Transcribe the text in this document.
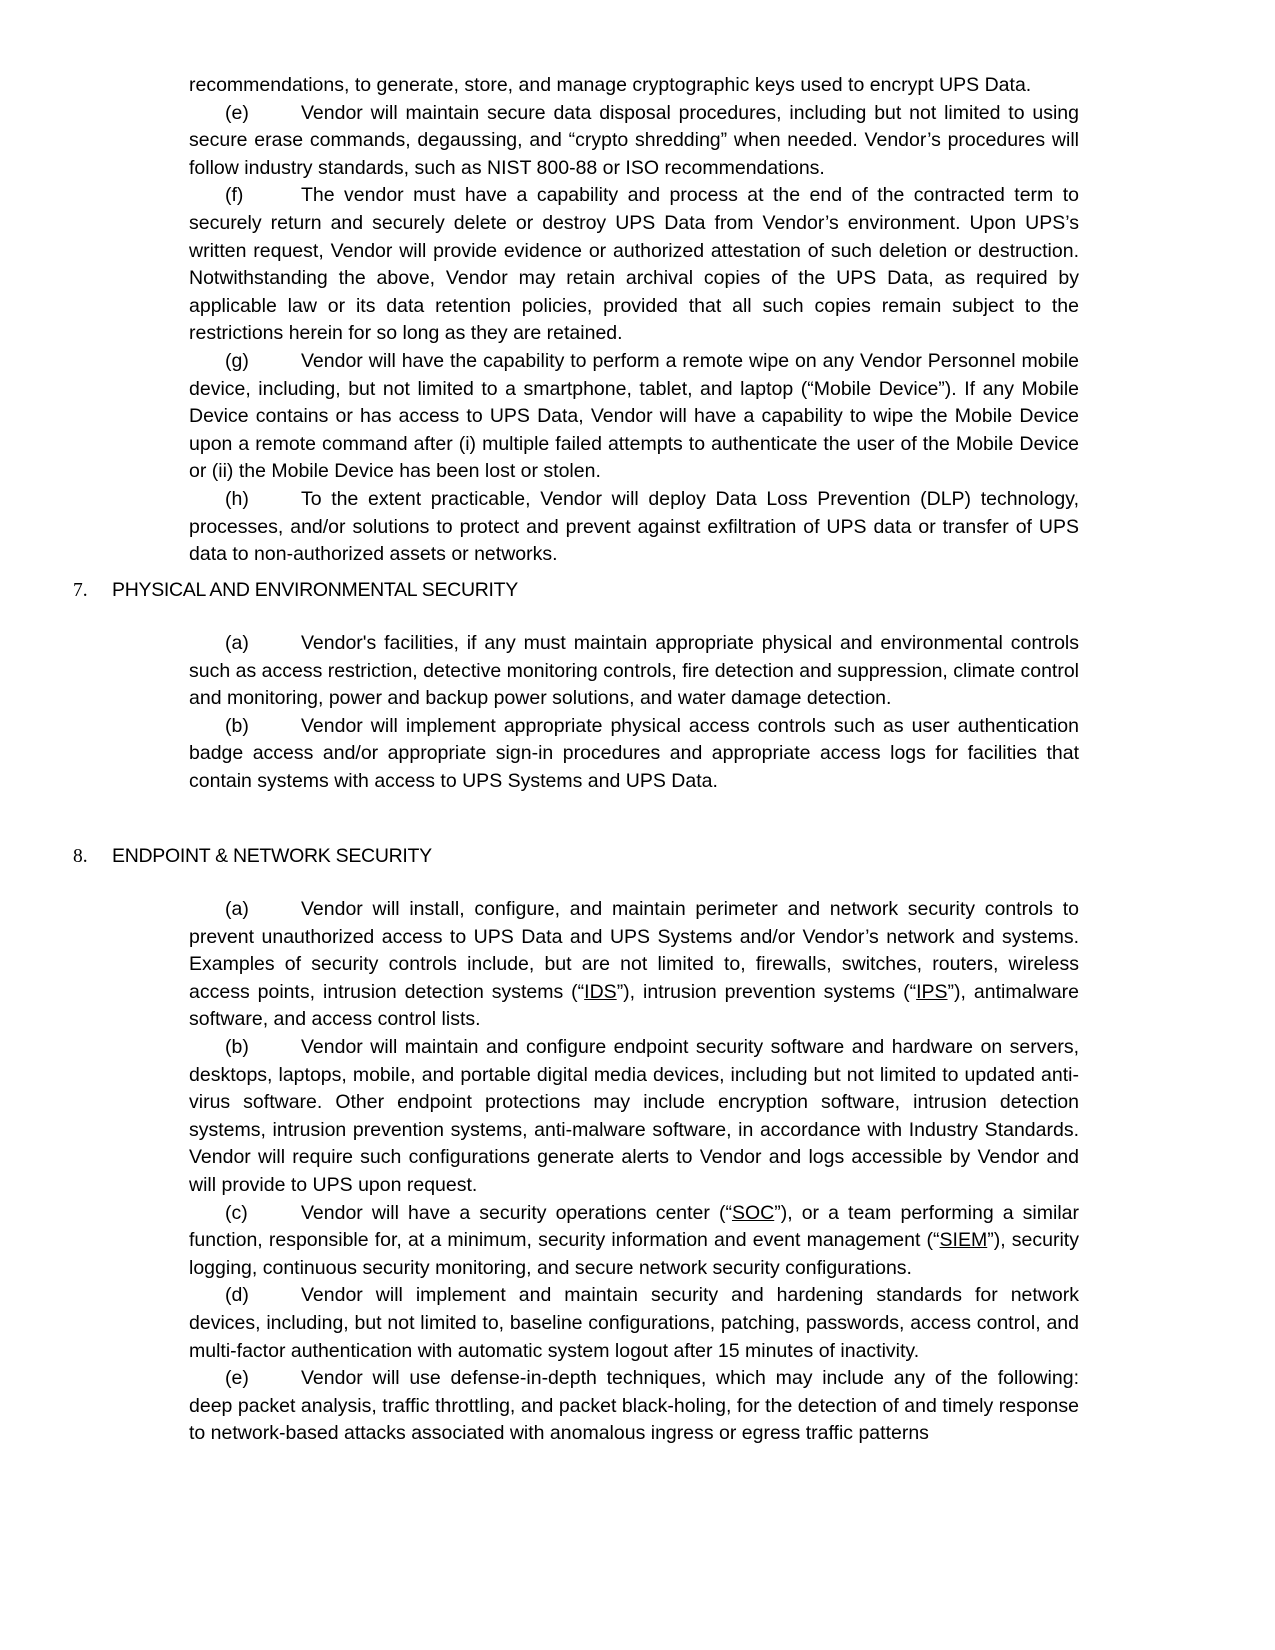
recommendations, to generate, store, and manage cryptographic keys used to encrypt UPS Data.
(e)	Vendor will maintain secure data disposal procedures, including but not limited to using secure erase commands, degaussing, and “crypto shredding” when needed. Vendor’s procedures will follow industry standards, such as NIST 800-88 or ISO recommendations.
(f)	The vendor must have a capability and process at the end of the contracted term to securely return and securely delete or destroy UPS Data from Vendor’s environment. Upon UPS’s written request, Vendor will provide evidence or authorized attestation of such deletion or destruction. Notwithstanding the above, Vendor may retain archival copies of the UPS Data, as required by applicable law or its data retention policies, provided that all such copies remain subject to the restrictions herein for so long as they are retained.
(g)	Vendor will have the capability to perform a remote wipe on any Vendor Personnel mobile device, including, but not limited to a smartphone, tablet, and laptop (“Mobile Device”). If any Mobile Device contains or has access to UPS Data, Vendor will have a capability to wipe the Mobile Device upon a remote command after (i) multiple failed attempts to authenticate the user of the Mobile Device or (ii) the Mobile Device has been lost or stolen.
(h)	To the extent practicable, Vendor will deploy Data Loss Prevention (DLP) technology, processes, and/or solutions to protect and prevent against exfiltration of UPS data or transfer of UPS data to non-authorized assets or networks.
7. PHYSICAL AND ENVIRONMENTAL SECURITY
(a)	Vendor's facilities, if any must maintain appropriate physical and environmental controls such as access restriction, detective monitoring controls, fire detection and suppression, climate control and monitoring, power and backup power solutions, and water damage detection.
(b)	Vendor will implement appropriate physical access controls such as user authentication badge access and/or appropriate sign-in procedures and appropriate access logs for facilities that contain systems with access to UPS Systems and UPS Data.
8. ENDPOINT & NETWORK SECURITY
(a)	Vendor will install, configure, and maintain perimeter and network security controls to prevent unauthorized access to UPS Data and UPS Systems and/or Vendor’s network and systems. Examples of security controls include, but are not limited to, firewalls, switches, routers, wireless access points, intrusion detection systems (“IDS”), intrusion prevention systems (“IPS”), antimalware software, and access control lists.
(b)	Vendor will maintain and configure endpoint security software and hardware on servers, desktops, laptops, mobile, and portable digital media devices, including but not limited to updated anti-virus software. Other endpoint protections may include encryption software, intrusion detection systems, intrusion prevention systems, anti-malware software, in accordance with Industry Standards. Vendor will require such configurations generate alerts to Vendor and logs accessible by Vendor and will provide to UPS upon request.
(c)	Vendor will have a security operations center (“SOC”), or a team performing a similar function, responsible for, at a minimum, security information and event management (“SIEM”), security logging, continuous security monitoring, and secure network security configurations.
(d)	Vendor will implement and maintain security and hardening standards for network devices, including, but not limited to, baseline configurations, patching, passwords, access control, and multi-factor authentication with automatic system logout after 15 minutes of inactivity.
(e)	Vendor will use defense-in-depth techniques, which may include any of the following: deep packet analysis, traffic throttling, and packet black-holing, for the detection of and timely response to network-based attacks associated with anomalous ingress or egress traffic patterns
